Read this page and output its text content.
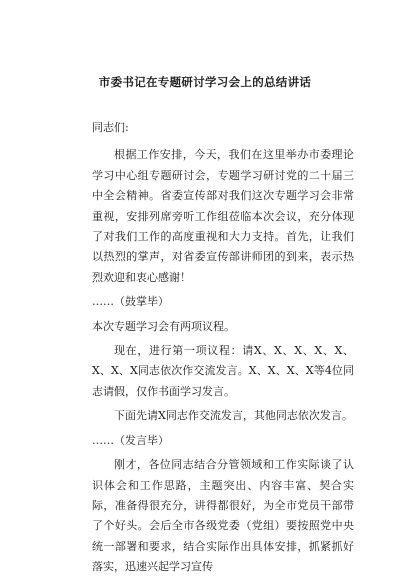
市委书记在专题研讨学习会上的总结讲话

同志们:

根据工作安排，今天，我们在这里举办市委理论学习中心组专题研讨会，专题学习研讨党的二十届三中全会精神。省委宣传部对我们这次专题学习会非常重视，安排列席旁听工作组莅临本次会议，充分体现了对我们工作的高度重视和大力支持。首先，让我们以热烈的掌声，对省委宣传部讲师团的到来，表示热烈欢迎和衷心感谢！

……（鼓掌毕）

本次专题学习会有两项议程。

现在，进行第一项议程：请X、X、X、X、X、X、X、X同志依次作交流发言。X、X、X、X等4位同志请假，仅作书面学习发言。

下面先请X同志作交流发言，其他同志依次发言。

……（发言毕）

刚才，各位同志结合分管领域和工作实际谈了认识体会和工作思路，主题突出、内容丰富、契合实际，准备得很充分，讲得都很好，为全市党员干部带了个好头。会后全市各级党委（党组）要按照党中央统一部署和要求，结合实际作出具体安排，抓紧抓好落实，迅速兴起学习宣传
